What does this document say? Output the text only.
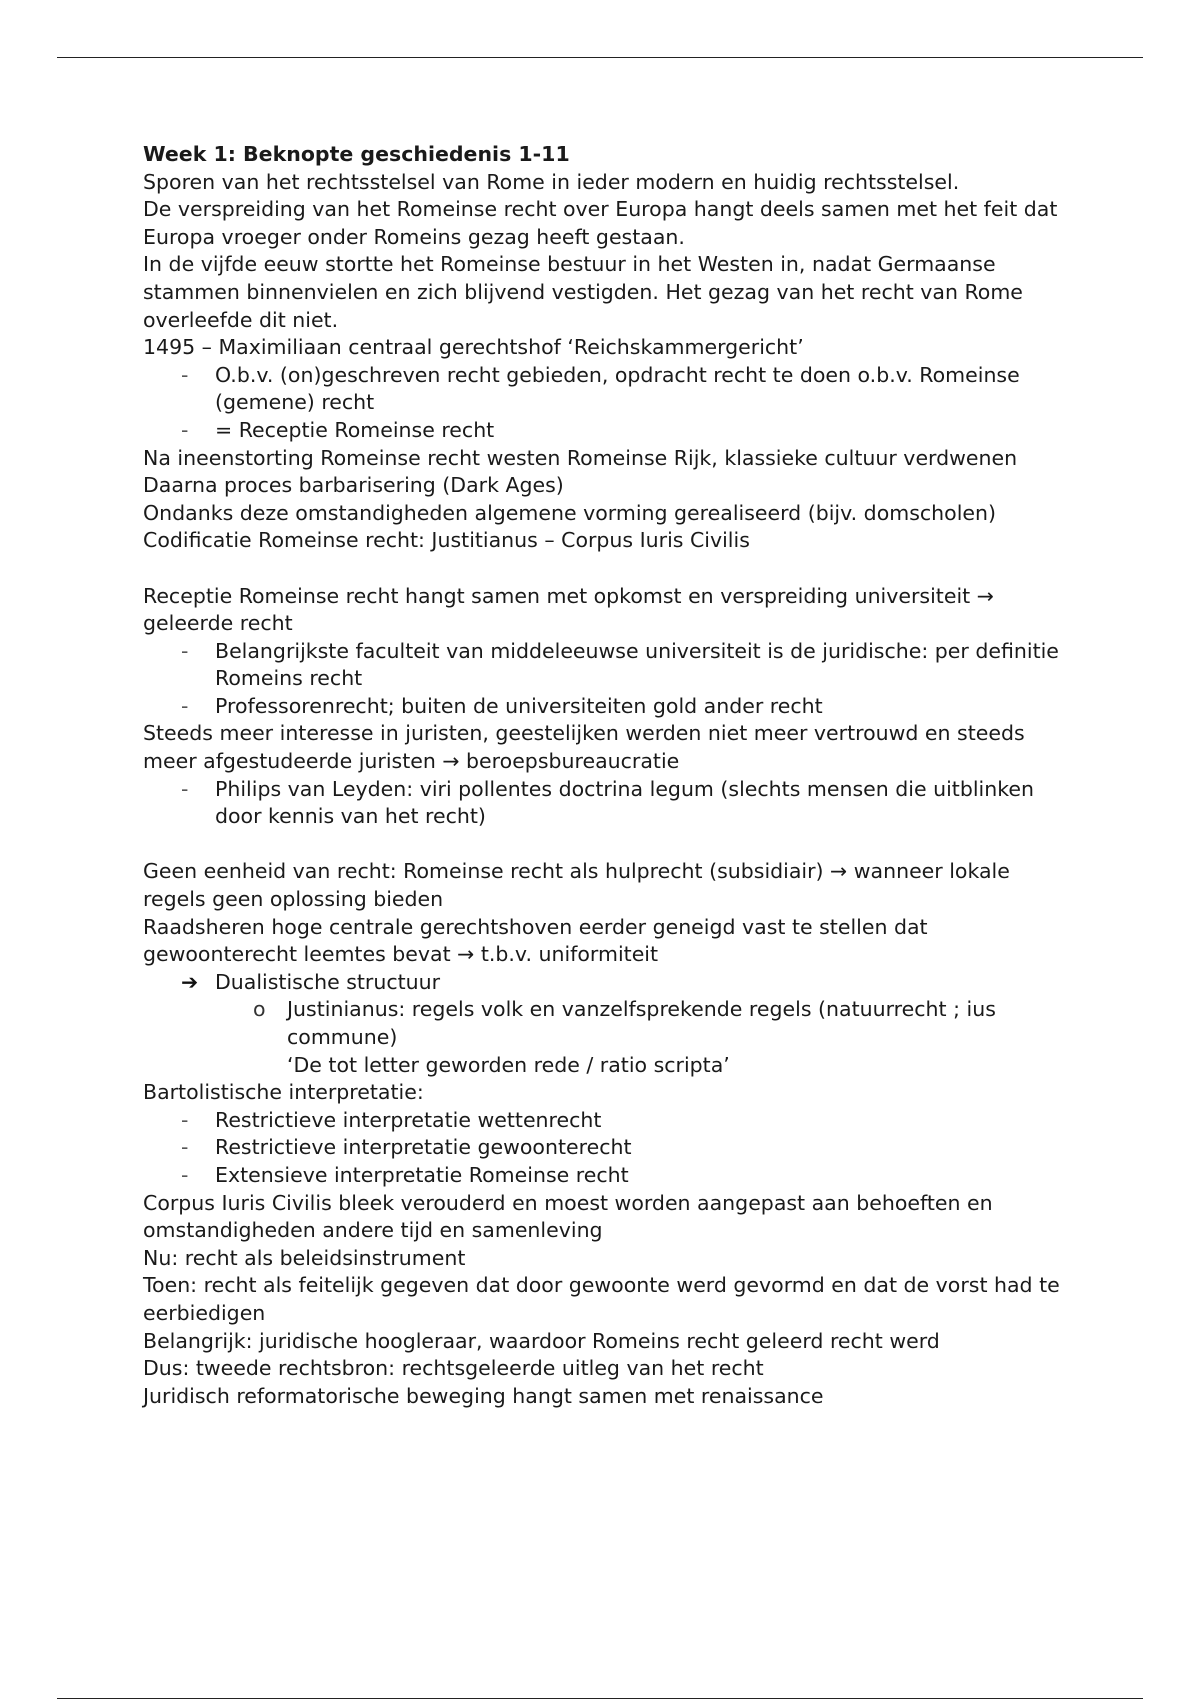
Week 1: Beknopte geschiedenis 1-11

Sporen van het rechtsstelsel van Rome in ieder modern en huidig rechtsstelsel.

De verspreiding van het Romeinse recht over Europa hangt deels samen met het feit dat Europa vroeger onder Romeins gezag heeft gestaan.

In de vijfde eeuw stortte het Romeinse bestuur in het Westen in, nadat Germaanse stammen binnenvielen en zich blijvend vestigden. Het gezag van het recht van Rome overleefde dit niet.

1495 – Maximiliaan centraal gerechtshof ‘Reichskammergericht’

-	O.b.v. (on)geschreven recht gebieden, opdracht recht te doen o.b.v. Romeinse (gemene) recht
-	= Receptie Romeinse recht

Na ineenstorting Romeinse recht westen Romeinse Rijk, klassieke cultuur verdwenen

Daarna proces barbarisering (Dark Ages)

Ondanks deze omstandigheden algemene vorming gerealiseerd (bijv. domscholen)

Codificatie Romeinse recht: Justitianus – Corpus Iuris Civilis

Receptie Romeinse recht hangt samen met opkomst en verspreiding universiteit → geleerde recht

-	Belangrijkste faculteit van middeleeuwse universiteit is de juridische: per definitie Romeins recht
-	Professorenrecht; buiten de universiteiten gold ander recht

Steeds meer interesse in juristen, geestelijken werden niet meer vertrouwd en steeds meer afgestudeerde juristen → beroepsbureaucratie

-	Philips van Leyden: viri pollentes doctrina legum (slechts mensen die uitblinken door kennis van het recht)

Geen eenheid van recht: Romeinse recht als hulprecht (subsidiair) → wanneer lokale regels geen oplossing bieden

Raadsheren hoge centrale gerechtshoven eerder geneigd vast te stellen dat gewoonterecht leemtes bevat → t.b.v. uniformiteit

➔ Dualistische structuur
o	Justinianus: regels volk en vanzelfsprekende regels (natuurrecht ; ius commune)

‘De tot letter geworden rede / ratio scripta’

Bartolistische interpretatie:

-	Restrictieve interpretatie wettenrecht
-	Restrictieve interpretatie gewoonterecht
-	Extensieve interpretatie Romeinse recht

Corpus Iuris Civilis bleek verouderd en moest worden aangepast aan behoeften en omstandigheden andere tijd en samenleving

Nu: recht als beleidsinstrument

Toen: recht als feitelijk gegeven dat door gewoonte werd gevormd en dat de vorst had te eerbiedigen

Belangrijk: juridische hoogleraar, waardoor Romeins recht geleerd recht werd

Dus: tweede rechtsbron: rechtsgeleerde uitleg van het recht

Juridisch reformatorische beweging hangt samen met renaissance
